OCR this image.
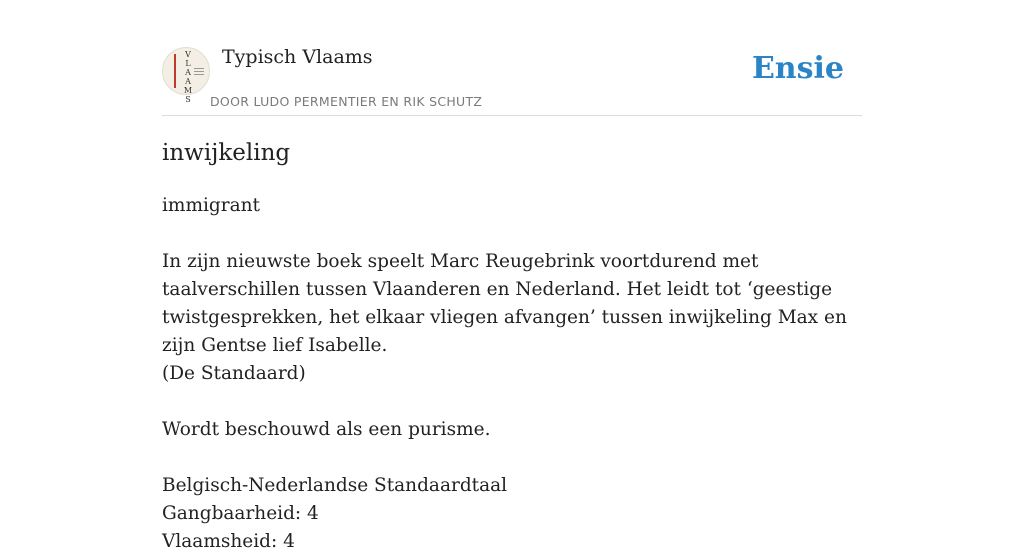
V
L
A
A
M
S
Typisch Vlaams
DOOR LUDO PERMENTIER EN RIK SCHUTZ
Ensie
inwijkeling

immigrant

In zijn nieuwste boek speelt Marc Reugebrink voortdurend met taalverschillen tussen Vlaanderen en Nederland. Het leidt tot ‘geestige twistgesprekken, het elkaar vliegen afvangen’ tussen inwijkeling Max en zijn Gentse lief Isabelle.
(De Standaard)

Wordt beschouwd als een purisme.

Belgisch-Nederlandse Standaardtaal

Gangbaarheid: 4

Vlaamsheid: 4
